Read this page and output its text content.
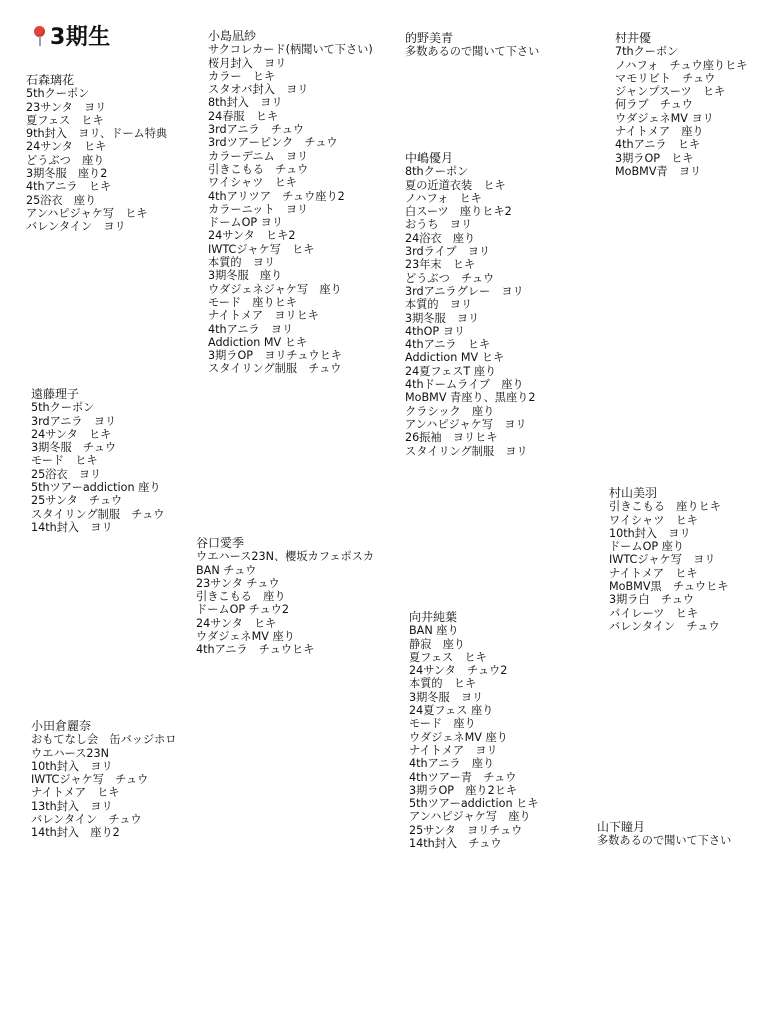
3期生
石森璃花
5thクーポン
23サンタ　ヨリ
夏フェス　ヒキ
9th封入　ヨリ、ドーム特典
24サンタ　ヒキ
どうぶつ　座り
3期冬服　座り2
4thアニラ　ヒキ
25浴衣　座り
アンハピジャケ写　ヒキ
バレンタイン　ヨリ
小島凪紗
サクコレカード(柄聞いて下さい)
桜月封入　ヨリ
カラー　ヒキ
スタオバ封入　ヨリ
8th封入　ヨリ
24春服　ヒキ
3rdアニラ　チュウ
3rdツアーピンク　チュウ
カラーデニム　ヨリ
引きこもる　チュウ
ワイシャツ　ヒキ
4thアリツア　チュウ座り2
カラーニット　ヨリ
ドームOP ヨリ
24サンタ　ヒキ2
IWTCジャケ写　ヒキ
本質的　ヨリ
3期冬服　座り
ウダジェネジャケ写　座り
モード　座りヒキ
ナイトメア　ヨリヒキ
4thアニラ　ヨリ
Addiction MV ヒキ
3期ラOP　ヨリチュウヒキ
スタイリング制服　チュウ
的野美青
多数あるので聞いて下さい
村井優
7thクーポン
ノハフォ　チュウ座りヒキ
マモリビト　チュウ
ジャンプスーツ　ヒキ
何ラブ　チュウ
ウダジェネMV ヨリ
ナイトメア　座り
4thアニラ　ヒキ
3期ラOP　ヒキ
MoBMV青　ヨリ
中嶋優月
8thクーポン
夏の近道衣装　ヒキ
ノハフォ　ヒキ
白スーツ　座りヒキ2
おうち　ヨリ
24浴衣　座り
3rdライブ　ヨリ
23年末　ヒキ
どうぶつ　チュウ
3rdアニラグレー　ヨリ
本質的　ヨリ
3期冬服　ヨリ
4thOP ヨリ
4thアニラ　ヒキ
Addiction MV ヒキ
24夏フェスT 座り
4thドームライブ　座り
MoBMV 青座り、黒座り2
クラシック　座り
アンハピジャケ写　ヨリ
26振袖　ヨリヒキ
スタイリング制服　ヨリ
遠藤理子
5thクーポン
3rdアニラ　ヨリ
24サンタ　ヒキ
3期冬服　チュウ
モード　ヒキ
25浴衣　ヨリ
5thツアーaddiction 座り
25サンタ　チュウ
スタイリング制服　チュウ
14th封入　ヨリ
村山美羽
引きこもる　座りヒキ
ワイシャツ　ヒキ
10th封入　ヨリ
ドームOP 座り
IWTCジャケ写　ヨリ
ナイトメア　ヒキ
MoBMV黒　チュウヒキ
3期ラ白　チュウ
パイレーツ　ヒキ
バレンタイン　チュウ
谷口愛季
ウエハース23N、櫻坂カフェポスカ
BAN チュウ
23サンタ チュウ
引きこもる　座り
ドームOP チュウ2
24サンタ　ヒキ
ウダジェネMV 座り
4thアニラ　チュウヒキ
向井純葉
BAN 座り
静寂　座り
夏フェス　ヒキ
24サンタ　チュウ2
本質的　ヒキ
3期冬服　ヨリ
24夏フェス 座り
モード　座り
ウダジェネMV 座り
ナイトメア　ヨリ
4thアニラ　座り
4thツアー青　チュウ
3期ラOP　座り2ヒキ
5thツアーaddiction ヒキ
アンハピジャケ写　座り
25サンタ　ヨリチュウ
14th封入　チュウ
小田倉麗奈
おもてなし会　缶バッジホロ
ウエハース23N
10th封入　ヨリ
IWTCジャケ写　チュウ
ナイトメア　ヒキ
13th封入　ヨリ
バレンタイン　チュウ
14th封入　座り2	山下瞳月
多数あるので聞いて下さい
